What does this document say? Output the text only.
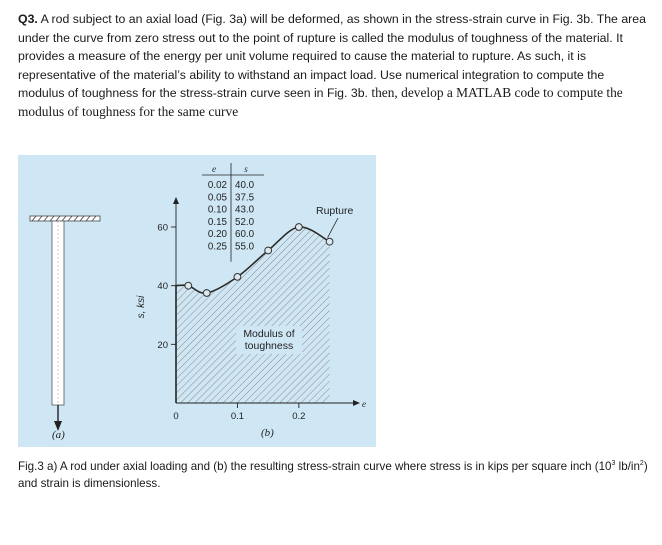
Q3. A rod subject to an axial load (Fig. 3a) will be deformed, as shown in the stress-strain curve in Fig. 3b. The area under the curve from zero stress out to the point of rupture is called the modulus of toughness of the material. It provides a measure of the energy per unit volume required to cause the material to rupture. As such, it is representative of the material’s ability to withstand an impact load. Use numerical integration to compute the modulus of toughness for the stress-strain curve seen in Fig. 3b. then, develop a MATLAB code to compute the modulus of toughness for the same curve
(a)
Modulus of
toughness
20
40
60
0	0.1	0.2
s, ksi
e
(b)
Rupture
e	s
0.02 40.0
0.05 37.5
0.10 43.0
0.15 52.0
0.20 60.0
0.25 55.0
Fig.3 a) A rod under axial loading and (b) the resulting stress-strain curve where stress is in kips per square inch ($10^3$ $lb/in^2$) and strain is dimensionless.
